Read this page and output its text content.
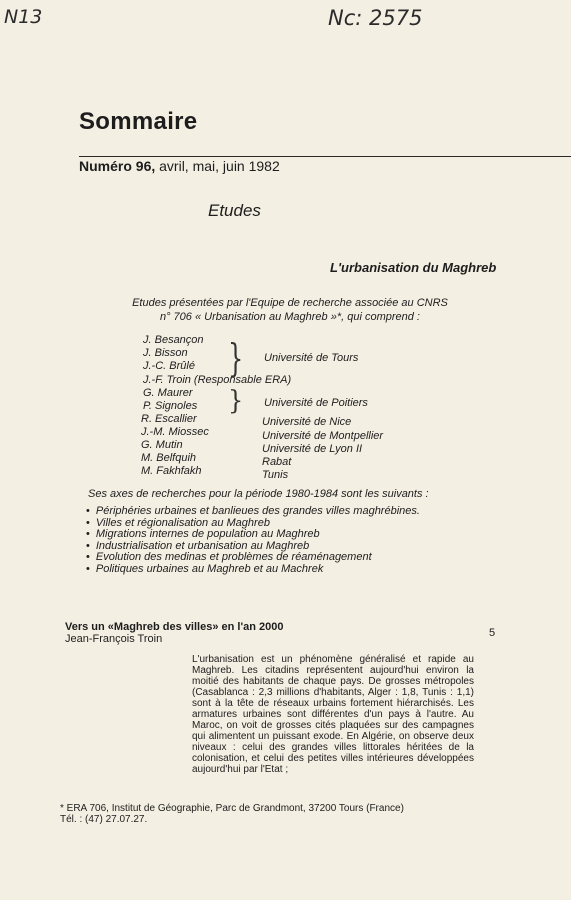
N13	Nc: 2575
Sommaire
Numéro 96, avril, mai, juin 1982
Etudes
L'urbanisation du Maghreb
Etudes présentées par l'Equipe de recherche associée au CNRS
n° 706 « Urbanisation au Maghreb »*, qui comprend :
J. Besançon
J. Bisson
J.-C. Brûlé } Université de Tours
J.-F. Troin (Responsable ERA)
G. Maurer
P. Signoles } Université de Poitiers
R. Escallier	Université de Nice
J.-M. Miossec	Université de Montpellier
G. Mutin	Université de Lyon II
M. Belfquih	Rabat
M. Fakhfakh	Tunis
Ses axes de recherches pour la période 1980-1984 sont les suivants :
• Périphéries urbaines et banlieues des grandes villes maghrébines.
• Villes et régionalisation au Maghreb
• Migrations internes de population au Maghreb
• Industrialisation et urbanisation au Maghreb
• Evolution des medinas et problèmes de réaménagement
• Politiques urbaines au Maghreb et au Machrek
Vers un «Maghreb des villes» en l'an 2000
Jean-François Troin	5
L'urbanisation est un phénomène généralisé et rapide au Maghreb. Les citadins représentent aujourd'hui environ la moitié des habitants de chaque pays. De grosses métropoles (Casablanca : 2,3 millions d'habitants, Alger : 1,8, Tunis : 1,1) sont à la tête de réseaux urbains fortement hiérarchisés. Les armatures urbaines sont différentes d'un pays à l'autre. Au Maroc, on voit de grosses cités plaquées sur des campagnes qui alimentent un puissant exode. En Algérie, on observe deux niveaux : celui des grandes villes littorales héritées de la colonisation, et celui des petites villes intérieures développées aujourd'hui par l'Etat ;
* ERA 706, Institut de Géographie, Parc de Grandmont, 37200 Tours (France)
Tél. : (47) 27.07.27.
